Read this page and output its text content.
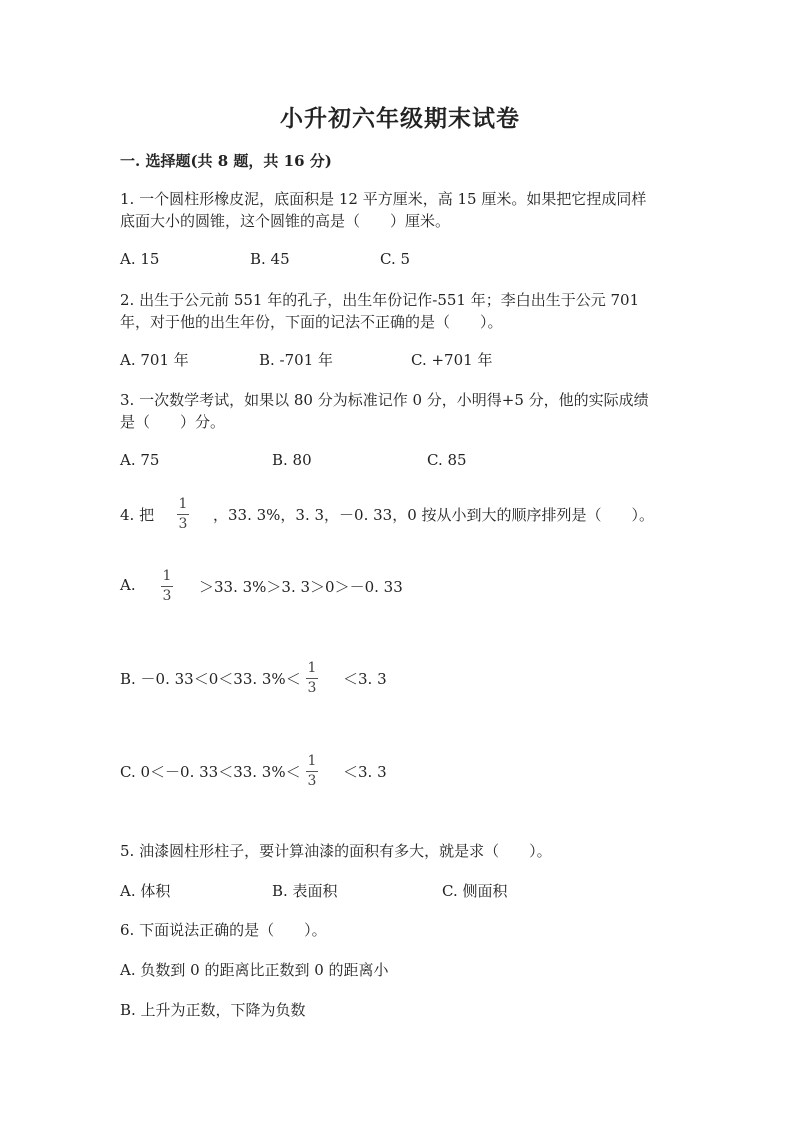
小升初六年级期末试卷
一. 选择题(共 8 题，共 16 分)
1. 一个圆柱形橡皮泥，底面积是 12 平方厘米，高 15 厘米。如果把它捏成同样
底面大小的圆锥，这个圆锥的高是（　　）厘米。
A. 15	B. 45	C. 5
2. 出生于公元前 551 年的孔子，出生年份记作-551 年；李白出生于公元 701
年，对于他的出生年份，下面的记法不正确的是（　　）。
A. 701 年	B. -701 年	C. +701 年
3. 一次数学考试，如果以 80 分为标准记作 0 分，小明得+5 分，他的实际成绩
是（　　）分。
A. 75	B. 80	C. 85
4. 把
1
3 ，33. 3%，3. 3，－0. 33，0 按从小到大的顺序排列是（　　）。
A. 1
3 ＞33. 3%＞3. 3＞0＞－0. 33
B. －0. 33＜0＜33. 3%＜
1
3 ＜3. 3
C. 0＜－0. 33＜33. 3%＜
1
3 ＜3. 3
5. 油漆圆柱形柱子，要计算油漆的面积有多大，就是求（　　）。
A. 体积	B. 表面积	C. 侧面积
6. 下面说法正确的是（　　）。
A. 负数到 0 的距离比正数到 0 的距离小
B. 上升为正数，下降为负数
